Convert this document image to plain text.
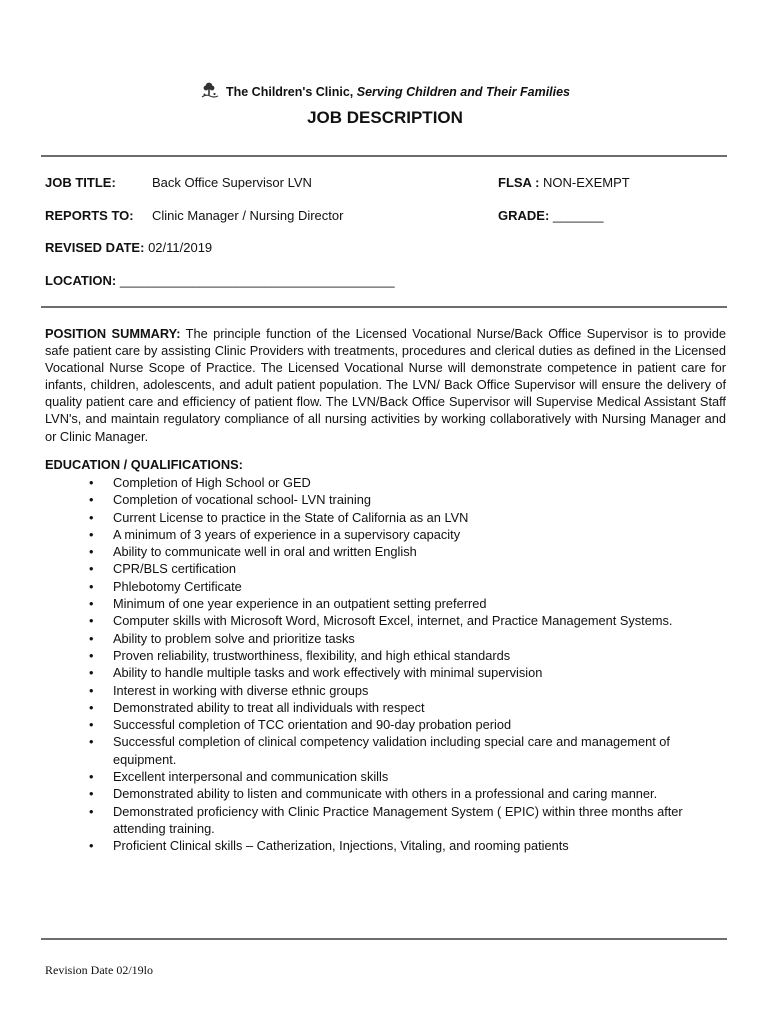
The Children's Clinic, Serving Children and Their Families
JOB DESCRIPTION
JOB TITLE:	Back Office Supervisor LVN	FLSA : NON-EXEMPT
REPORTS TO: Clinic Manager / Nursing Director	GRADE: _______
REVISED DATE: 02/11/2019
LOCATION: ______________________________________
POSITION SUMMARY: The principle function of the Licensed Vocational Nurse/Back Office Supervisor is to provide safe patient care by assisting Clinic Providers with treatments, procedures and clerical duties as defined in the Licensed Vocational Nurse Scope of Practice. The Licensed Vocational Nurse will demonstrate competence in patient care for infants, children, adolescents, and adult patient population. The LVN/ Back Office Supervisor will ensure the delivery of quality patient care and efficiency of patient flow. The LVN/Back Office Supervisor will Supervise Medical Assistant Staff LVN's, and maintain regulatory compliance of all nursing activities by working collaboratively with Nursing Manager and or Clinic Manager.
EDUCATION / QUALIFICATIONS:
• Completion of High School or GED
• Completion of vocational school- LVN training
• Current License to practice in the State of California as an LVN
• A minimum of 3 years of experience in a supervisory capacity
• Ability to communicate well in oral and written English
• CPR/BLS certification
• Phlebotomy Certificate
• Minimum of one year experience in an outpatient setting preferred
• Computer skills with Microsoft Word, Microsoft Excel, internet, and Practice Management Systems.
• Ability to problem solve and prioritize tasks
• Proven reliability, trustworthiness, flexibility, and high ethical standards
• Ability to handle multiple tasks and work effectively with minimal supervision
• Interest in working with diverse ethnic groups
• Demonstrated ability to treat all individuals with respect
• Successful completion of TCC orientation and 90-day probation period
• Successful completion of clinical competency validation including special care and management of equipment.
• Excellent interpersonal and communication skills
• Demonstrated ability to listen and communicate with others in a professional and caring manner.
• Demonstrated proficiency with Clinic Practice Management System ( EPIC) within three months after attending training.
• Proficient Clinical skills – Catherization, Injections, Vitaling, and rooming patients
Revision Date 02/19lo
